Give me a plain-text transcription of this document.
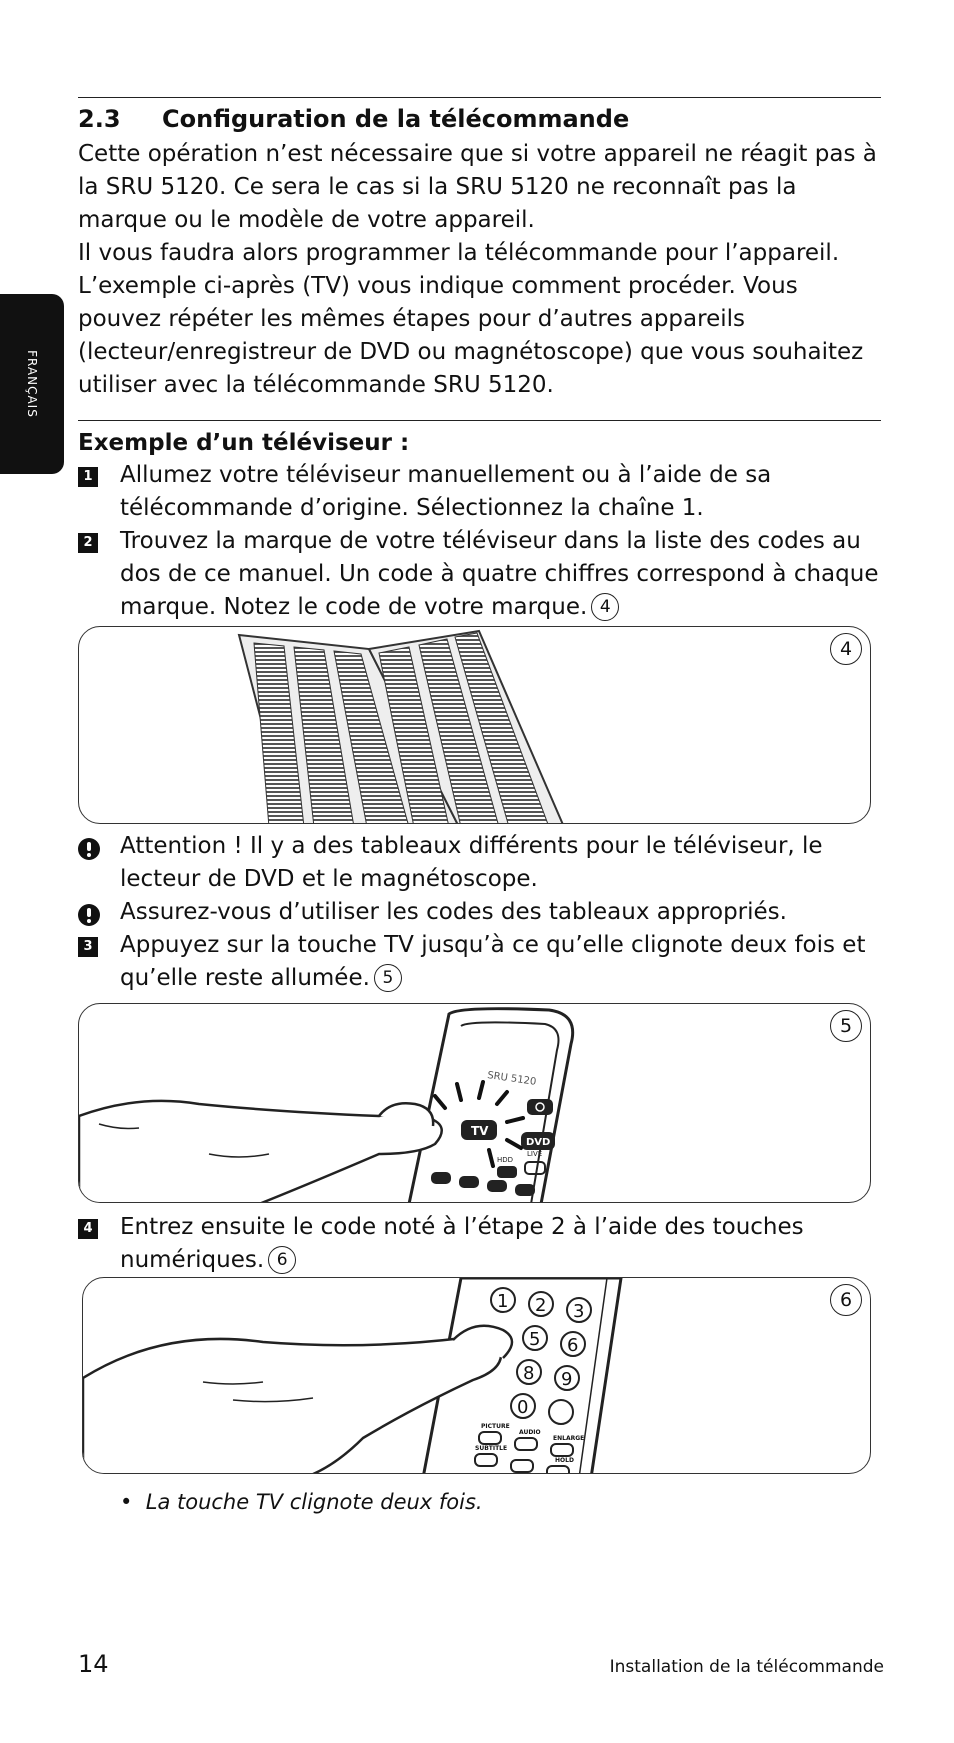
2.3 Configuration de la télécommande

Cette opération n’est nécessaire que si votre appareil ne réagit pas à la SRU 5120. Ce sera le cas si la SRU 5120 ne reconnaît pas la marque ou le modèle de votre appareil.

Il vous faudra alors programmer la télécommande pour l’appareil. L’exemple ci-après (TV) vous indique comment procéder. Vous pouvez répéter les mêmes étapes pour d’autres appareils (lecteur/enregistreur de DVD ou magnétoscope) que vous souhaitez utiliser avec la télécommande SRU 5120.

FRANÇAIS
Exemple d’un téléviseur :
1 Allumez votre téléviseur manuellement ou à l’aide de sa télécommande d’origine. Sélectionnez la chaîne 1.

2 Trouvez la marque de votre téléviseur dans la liste des codes au dos de ce manuel. Un code à quatre chiffres correspond à chaque marque. Notez le code de votre marque. 4

4

Attention ! Il y a des tableaux différents pour le téléviseur, le lecteur de DVD et le magnétoscope.

Assurez-vous d’utiliser les codes des tableaux appropriés.

3 Appuyez sur la touche TV jusqu’à ce qu’elle clignote deux fois et qu’elle reste allumée. 5

SRU 5120
TV
DVD
HDD
LIVE
5
4 Entrez ensuite le code noté à l’étape 2 à l’aide des touches numériques. 6

1 2 3
5 6
8 9
0
PICTURE
AUDIO
ENLARGE
SUBTITLE
HOLD
6
•  La touche TV clignote deux fois.
14	Installation de la télécommande
